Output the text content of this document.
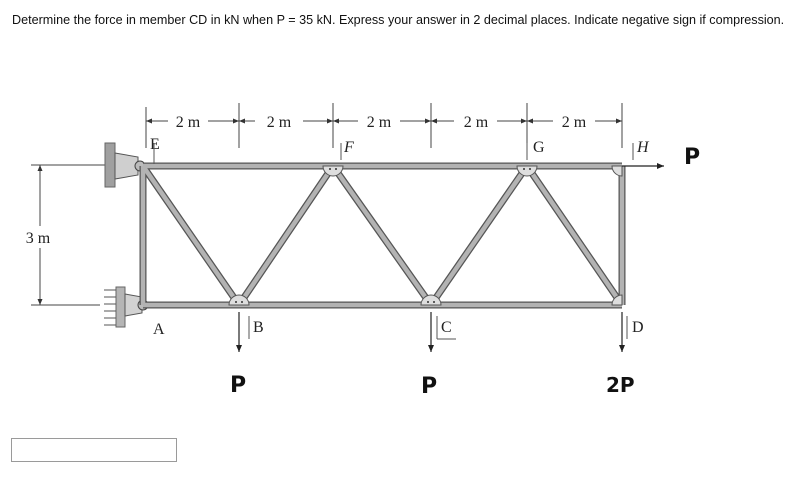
Determine the force in member CD in kN when P = 35 kN. Express your answer in 2 decimal places. Indicate negative sign if compression.
2 m	2 m	2 m	2 m	2 m
3 m
E	F	G	H
A	B	C	D
P
P	P	2P
